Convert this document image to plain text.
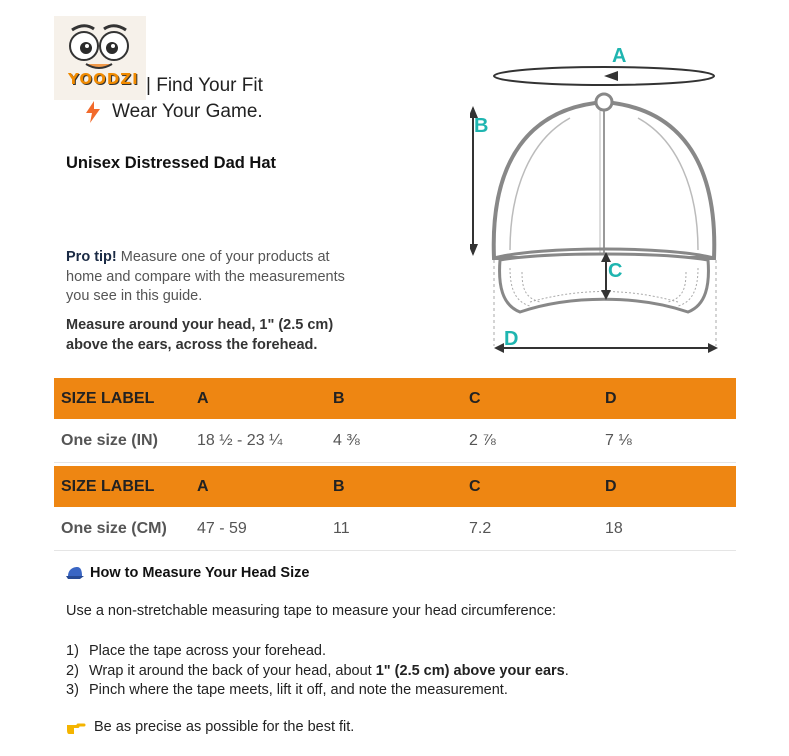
YOODZI | Find Your Fit
Wear Your Game.
Unisex Distressed Dad Hat
Pro tip! Measure one of your products at home and compare with the measurements you see in this guide.
Measure around your head, 1" (2.5 cm) above the ears, across the forehead.
A
B
C
D
SIZE LABEL	A	B	C	D
One size (IN)	18 ½ - 23 ¼	4 ⅜	2 ⅞	7 ⅛
SIZE LABEL	A	B	C	D
One size (CM)	47 - 59	11	7.2	18
How to Measure Your Head Size
Use a non-stretchable measuring tape to measure your head circumference:
1) Place the tape across your forehead.
2) Wrap it around the back of your head, about 1" (2.5 cm) above your ears.
3) Pinch where the tape meets, lift it off, and note the measurement.
Be as precise as possible for the best fit.
